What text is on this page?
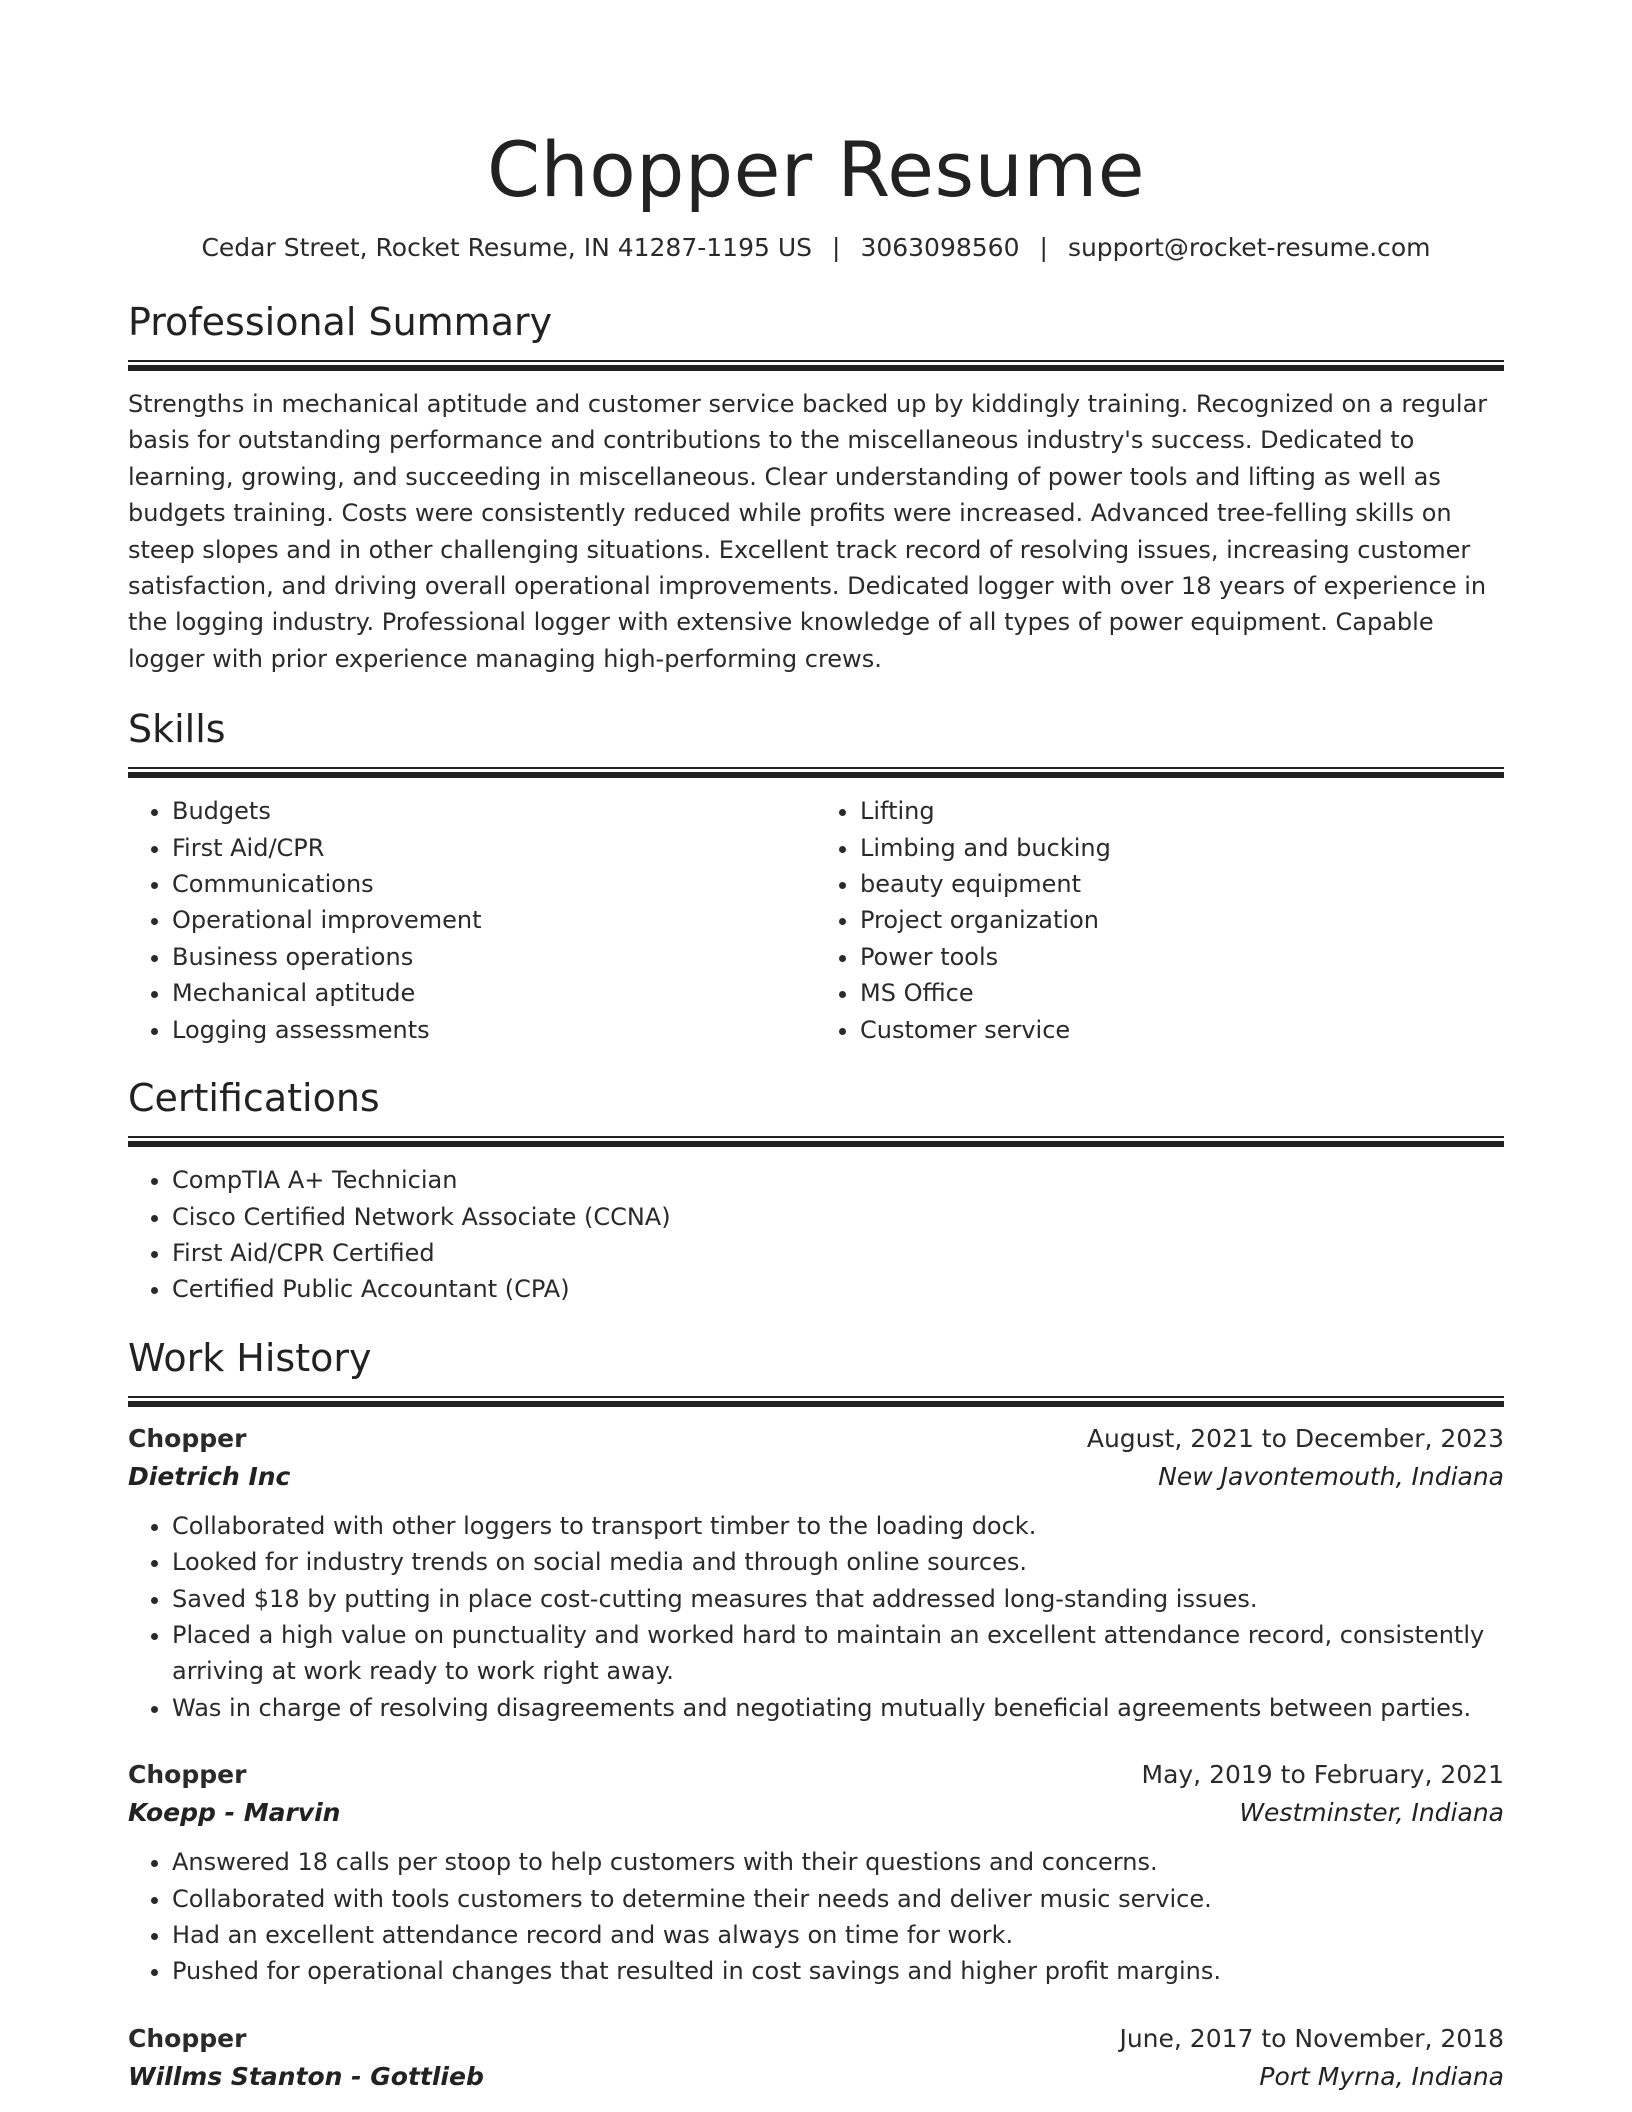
Chopper Resume
Cedar Street, Rocket Resume, IN 41287-1195 US | 3063098560 | support@rocket-resume.com
Professional Summary

Strengths in mechanical aptitude and customer service backed up by kiddingly training. Recognized on a regular basis for outstanding performance and contributions to the miscellaneous industry's success. Dedicated to learning, growing, and succeeding in miscellaneous. Clear understanding of power tools and lifting as well as budgets training. Costs were consistently reduced while profits were increased. Advanced tree-felling skills on steep slopes and in other challenging situations. Excellent track record of resolving issues, increasing customer satisfaction, and driving overall operational improvements. Dedicated logger with over 18 years of experience in the logging industry. Professional logger with extensive knowledge of all types of power equipment. Capable logger with prior experience managing high-performing crews.

Skills
• Budgets
• First Aid/CPR
• Communications
• Operational improvement
• Business operations
• Mechanical aptitude
• Logging assessments
• Lifting
• Limbing and bucking
• beauty equipment
• Project organization
• Power tools
• MS Office
• Customer service
Certifications
• CompTIA A+ Technician
• Cisco Certified Network Associate (CCNA)
• First Aid/CPR Certified
• Certified Public Accountant (CPA)
Work History
Chopper	August, 2021 to December, 2023
Dietrich Inc	New Javontemouth, Indiana
• Collaborated with other loggers to transport timber to the loading dock.
• Looked for industry trends on social media and through online sources.
• Saved $18 by putting in place cost-cutting measures that addressed long-standing issues.
• Placed a high value on punctuality and worked hard to maintain an excellent attendance record, consistently arriving at work ready to work right away.
• Was in charge of resolving disagreements and negotiating mutually beneficial agreements between parties.
Chopper	May, 2019 to February, 2021
Koepp - Marvin	Westminster, Indiana
• Answered 18 calls per stoop to help customers with their questions and concerns.
• Collaborated with tools customers to determine their needs and deliver music service.
• Had an excellent attendance record and was always on time for work.
• Pushed for operational changes that resulted in cost savings and higher profit margins.
Chopper	June, 2017 to November, 2018
Willms Stanton - Gottlieb	Port Myrna, Indiana
